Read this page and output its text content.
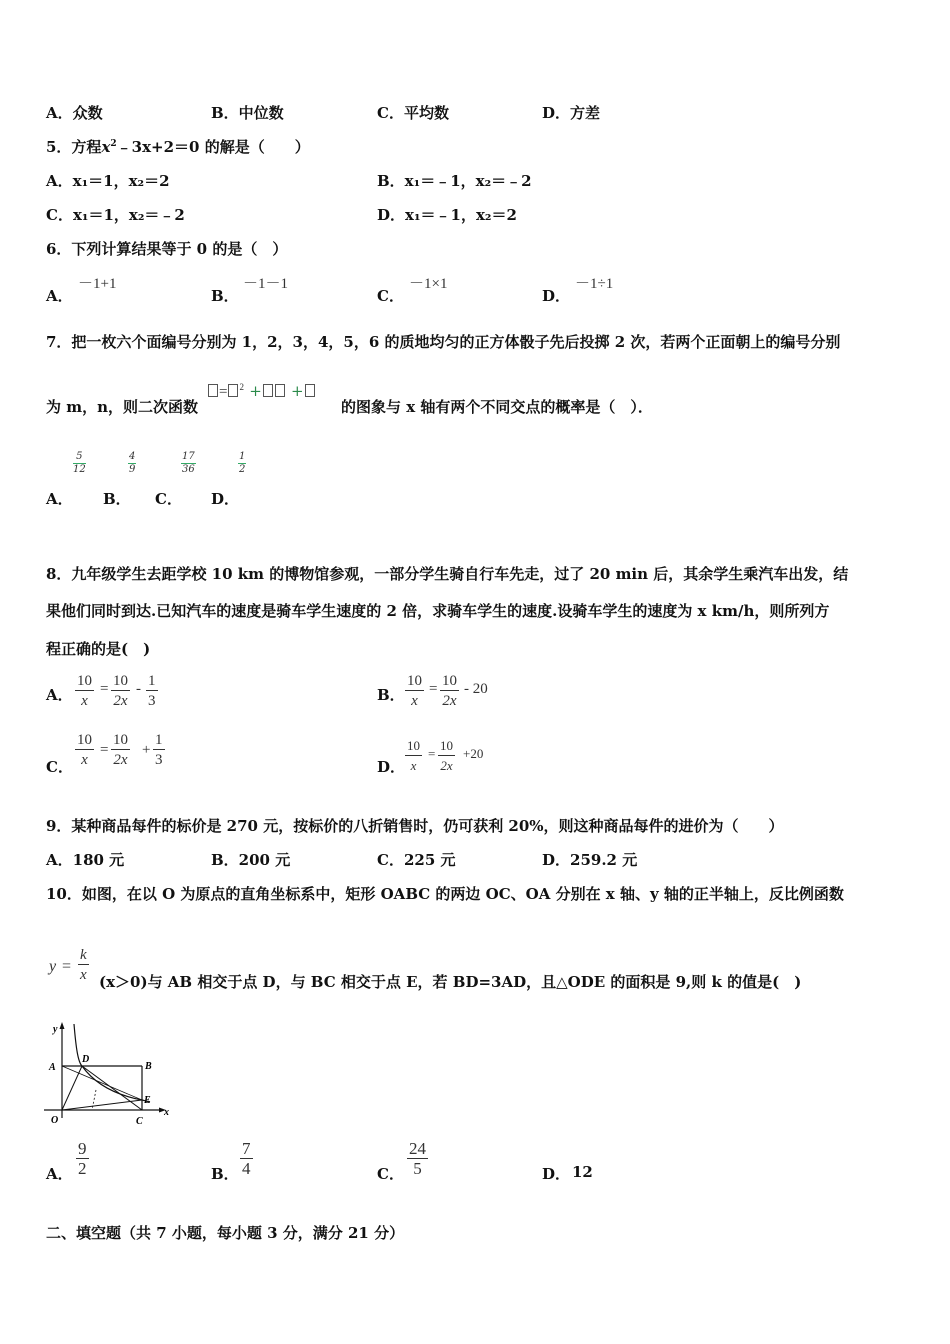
A．众数	B．中位数	C．平均数	D．方差
5．方程$x^2﹣3x+2=0$ 的解是（　　）
A．x₁＝1，x₂＝2	B．x₁＝﹣1，x₂＝﹣2
C．x₁＝1，x₂＝﹣2	D．x₁＝﹣1，x₂＝2
6．下列计算结果等于 0 的是（　）
A．
－1+1
B．
－1－1
C．
－1×1
D．
－1÷1
7．把一枚六个面编号分别为 1，2，3，4，5，6 的质地均匀的正方体骰子先后投掷 2 次，若两个正面朝上的编号分别
为 m，n，则二次函数
= $^2$ + +
的图象与 x 轴有两个不同交点的概率是（　）．
$\frac{5}{12}$	$\frac{4}{9}$	$\frac{17}{36}$	$\frac{1}{2}$
A． B． C． D．
8．九年级学生去距学校 10 km 的博物馆参观，一部分学生骑自行车先走，过了 20 min 后，其余学生乘汽车出发，结
果他们同时到达.已知汽车的速度是骑车学生速度的 2 倍，求骑车学生的速度.设骑车学生的速度为 x km/h，则所列方
程正确的是(　)
A． $\frac{10}{x} = \frac{10}{2x} - \frac{1}{3}$	B． $\frac{10}{x} = \frac{10}{2x} - 20$
C． $\frac{10}{x} = \frac{10}{2x} + \frac{1}{3}$	D． $\frac{10}{x} = \frac{10}{2x} +20$
9．某种商品每件的标价是 270 元，按标价的八折销售时，仍可获利 20%，则这种商品每件的进价为（　　）
A．180 元	B．200 元	C．225 元	D．259.2 元
10．如图，在以 O 为原点的直角坐标系中，矩形 OABC 的两边 OC、OA 分别在 x 轴、y 轴的正半轴上，反比例函数
$y = \frac{k}{x} (x>0)$与 AB 相交于点 D，与 BC 相交于点 E，若 BD=3AD，且△ODE 的面积是 9,则 k 的值是(　)
y
x
A	B
D
E
O	C
A． $\frac{9}{2}$	B． $\frac{7}{4}$	C． $\frac{24}{5}$	D． 12
二、填空题（共 7 小题，每小题 3 分，满分 21 分）
